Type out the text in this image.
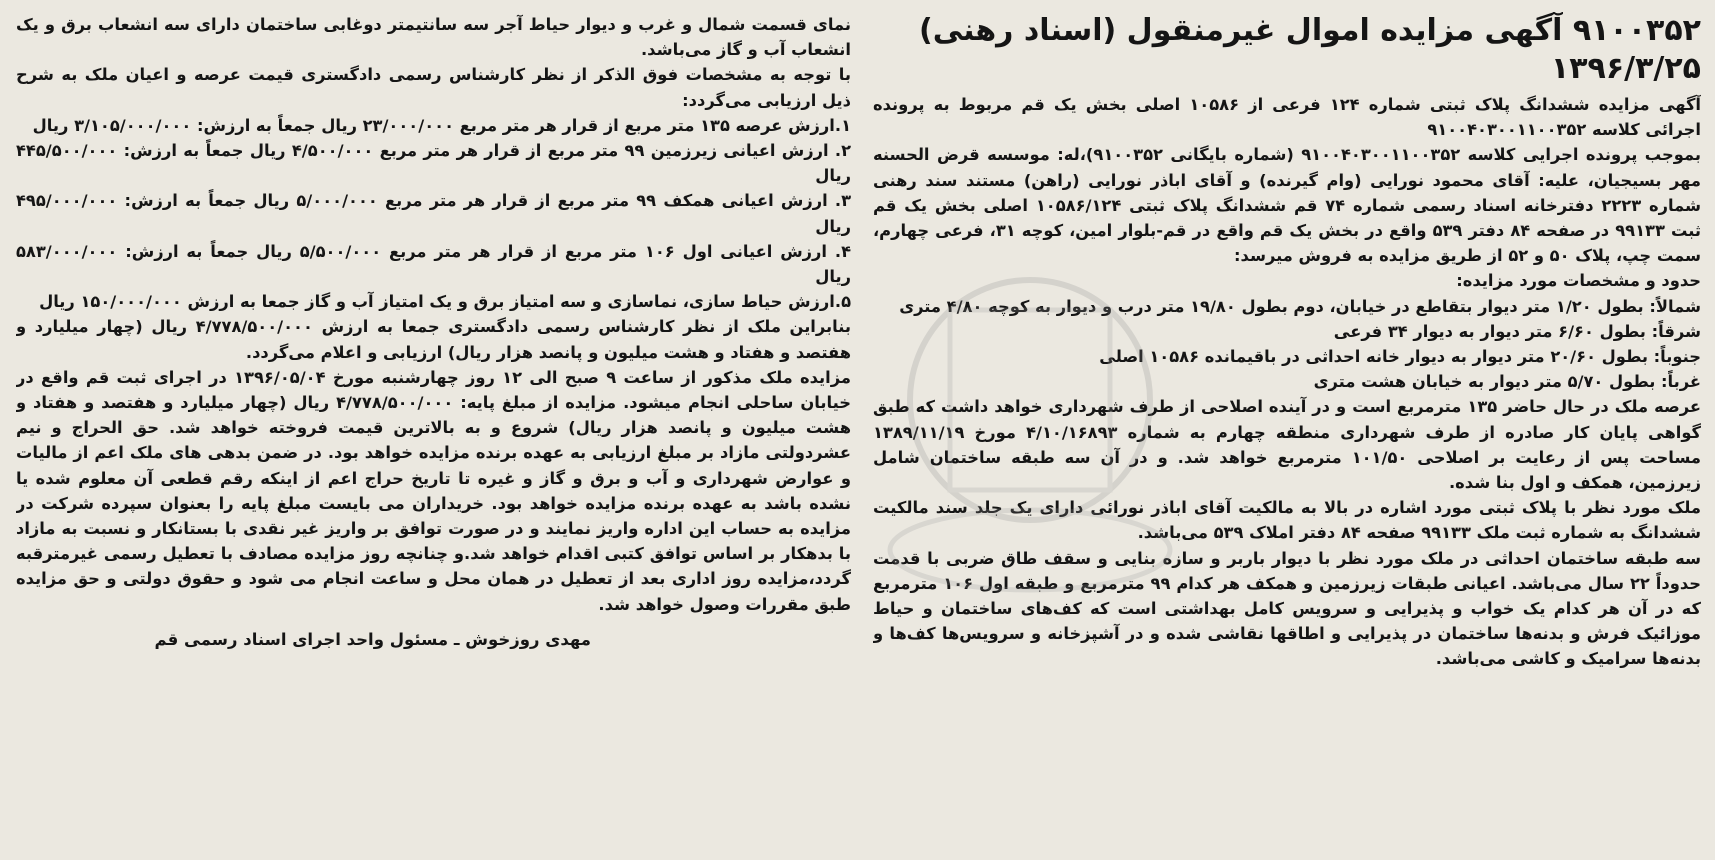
۹۱۰۰۳۵۲ آگهی مزایده اموال غیرمنقول (اسناد رهنی) ۱۳۹۶/۳/۲۵

آگهی مزایده ششدانگ پلاک ثبتی شماره ۱۲۴ فرعی از ۱۰۵۸۶ اصلی بخش یک قم مربوط به پرونده اجرائی کلاسه ۹۱۰۰۴۰۳۰۰۱۱۰۰۳۵۲

بموجب پرونده اجرایی کلاسه ۹۱۰۰۴۰۳۰۰۱۱۰۰۳۵۲ (شماره بایگانی ۹۱۰۰۳۵۲)،له: موسسه قرض الحسنه مهر بسیجیان، علیه: آقای محمود نورایی (وام گیرنده) و آقای اباذر نورایی (راهن) مستند سند رهنی شماره ۲۲۲۳ دفترخانه اسناد رسمی شماره ۷۴ قم ششدانگ پلاک ثبتی ۱۰۵۸۶/۱۲۴ اصلی بخش یک قم ثبت ۹۹۱۳۳ در صفحه ۸۴ دفتر ۵۳۹ واقع در بخش یک قم واقع در قم-بلوار امین، کوچه ۳۱، فرعی چهارم، سمت چپ، پلاک ۵۰ و ۵۲ از طریق مزایده به فروش میرسد:

حدود و مشخصات مورد مزایده:

شمالاً: بطول ۱/۲۰ متر دیوار بتقاطع در خیابان، دوم بطول ۱۹/۸۰ متر درب و دیوار به کوچه ۴/۸۰ متری

شرقاً: بطول ۶/۶۰ متر دیوار به دیوار ۳۴ فرعی

جنوباً: بطول ۲۰/۶۰ متر دیوار به دیوار خانه احداثی در باقیمانده ۱۰۵۸۶ اصلی

غرباً: بطول ۵/۷۰ متر دیوار به خیابان هشت متری

عرصه ملک در حال حاضر ۱۳۵ مترمربع است و در آینده اصلاحی از طرف شهرداری خواهد داشت که طبق گواهی پایان کار صادره از طرف شهرداری منطقه چهارم به شماره ۴/۱۰/۱۶۸۹۳ مورخ ۱۳۸۹/۱۱/۱۹ مساحت پس از رعایت بر اصلاحی ۱۰۱/۵۰ مترمربع خواهد شد. و در آن سه طبقه ساختمان شامل زیرزمین، همکف و اول بنا شده.

ملک مورد نظر با پلاک ثبتی مورد اشاره در بالا به مالکیت آقای اباذر نورائی دارای یک جلد سند مالکیت ششدانگ به شماره ثبت ملک ۹۹۱۳۳ صفحه ۸۴ دفتر املاک ۵۳۹ می‌باشد.

سه طبقه ساختمان احداثی در ملک مورد نظر با دیوار باربر و سازه بنایی و سقف طاق ضربی با قدمت حدوداً ۲۲ سال می‌باشد. اعیانی طبقات زیرزمین و همکف هر کدام ۹۹ مترمربع و طبقه اول ۱۰۶ مترمربع که در آن هر کدام یک خواب و پذیرایی و سرویس کامل بهداشتی است که کف‌های ساختمان و حیاط موزائیک فرش و بدنه‌ها ساختمان در پذیرایی و اطاقها نقاشی شده و در آشپزخانه و سرویس‌ها کف‌ها و بدنه‌ها سرامیک و کاشی می‌باشد.

نمای قسمت شمال و غرب و دیوار حیاط آجر سه سانتیمتر دوغابی ساختمان دارای سه انشعاب برق و یک انشعاب آب و گاز می‌باشد.

با توجه به مشخصات فوق الذکر از نظر کارشناس رسمی دادگستری قیمت عرصه و اعیان ملک به شرح ذیل ارزیابی می‌گردد:

۱.ارزش عرصه ۱۳۵ متر مربع از قرار هر متر مربع ۲۳/۰۰۰/۰۰۰ ریال جمعاً به ارزش: ۳/۱۰۵/۰۰۰/۰۰۰ ریال
۲. ارزش اعیانی زیرزمین ۹۹ متر مربع از قرار هر متر مربع ۴/۵۰۰/۰۰۰ ریال جمعاً به ارزش: ۴۴۵/۵۰۰/۰۰۰ ریال
۳. ارزش اعیانی همکف ۹۹ متر مربع از قرار هر متر مربع ۵/۰۰۰/۰۰۰ ریال جمعاً به ارزش: ۴۹۵/۰۰۰/۰۰۰ ریال
۴. ارزش اعیانی اول ۱۰۶ متر مربع از قرار هر متر مربع ۵/۵۰۰/۰۰۰ ریال جمعاً به ارزش: ۵۸۳/۰۰۰/۰۰۰ ریال
۵.ارزش حیاط سازی، نماسازی و سه امتیاز برق و یک امتیاز آب و گاز جمعا به ارزش ۱۵۰/۰۰۰/۰۰۰ ریال

بنابراین ملک از نظر کارشناس رسمی دادگستری جمعا به ارزش ۴/۷۷۸/۵۰۰/۰۰۰ ریال (چهار میلیارد و هفتصد و هفتاد و هشت میلیون و پانصد هزار ریال) ارزیابی و اعلام می‌گردد.

مزایده ملک مذکور از ساعت ۹ صبح الی ۱۲ روز چهارشنبه مورخ ۱۳۹۶/۰۵/۰۴ در اجرای ثبت قم واقع در خیابان ساحلی انجام میشود. مزایده از مبلغ پایه: ۴/۷۷۸/۵۰۰/۰۰۰ ریال (چهار میلیارد و هفتصد و هفتاد و هشت میلیون و پانصد هزار ریال) شروع و به بالاترین قیمت فروخته خواهد شد. حق الحراج و نیم عشردولتی مازاد بر مبلغ ارزیابی به عهده برنده مزایده خواهد بود. در ضمن بدهی های ملک اعم از مالیات و عوارض شهرداری و آب و برق و گاز و غیره تا تاریخ حراج اعم از اینکه رقم قطعی آن معلوم شده یا نشده باشد به عهده برنده مزایده خواهد بود. خریداران می بایست مبلغ پایه را بعنوان سپرده شرکت در مزایده به حساب این اداره واریز نمایند و در صورت توافق بر واریز غیر نقدی با بستانکار و نسبت به مازاد با بدهکار بر اساس توافق کتبی اقدام خواهد شد.و چنانچه روز مزایده مصادف با تعطیل رسمی غیرمترقبه گردد،مزایده روز اداری بعد از تعطیل در همان محل و ساعت انجام می شود و حقوق دولتی و حق مزایده طبق مقررات وصول خواهد شد.

مهدی روزخوش ـ مسئول واحد اجرای اسناد رسمی قم
